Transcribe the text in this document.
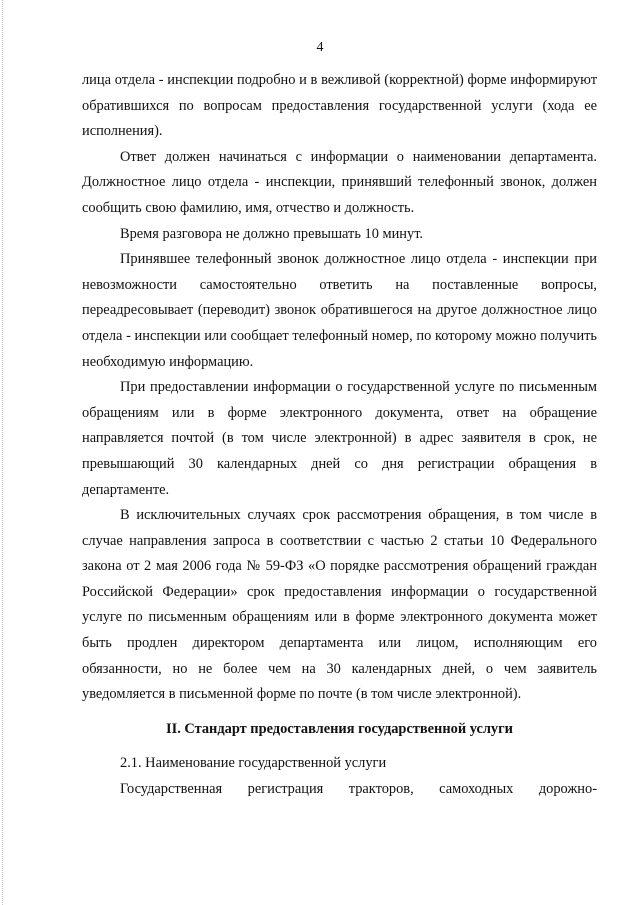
4

лица отдела - инспекции подробно и в вежливой (корректной) форме информируют обратившихся по вопросам предоставления государственной услуги (хода ее исполнения).

Ответ должен начинаться с информации о наименовании департамента. Должностное лицо отдела - инспекции, принявший телефонный звонок, должен сообщить свою фамилию, имя, отчество и должность.

Время разговора не должно превышать 10 минут.

Принявшее телефонный звонок должностное лицо отдела - инспекции при невозможности самостоятельно ответить на поставленные вопросы, переадресовывает (переводит) звонок обратившегося на другое должностное лицо отдела - инспекции или сообщает телефонный номер, по которому можно получить необходимую информацию.

При предоставлении информации о государственной услуге по письменным обращениям или в форме электронного документа, ответ на обращение направляется почтой (в том числе электронной) в адрес заявителя в срок, не превышающий 30 календарных дней со дня регистрации обращения в департаменте.

В исключительных случаях срок рассмотрения обращения, в том числе в случае направления запроса в соответствии с частью 2 статьи 10 Федерального закона от 2 мая 2006 года № 59-ФЗ «О порядке рассмотрения обращений граждан Российской Федерации» срок предоставления информации о государственной услуге по письменным обращениям или в форме электронного документа может быть продлен директором департамента или лицом, исполняющим его обязанности, но не более чем на 30 календарных дней, о чем заявитель уведомляется в письменной форме по почте (в том числе электронной).

II. Стандарт предоставления государственной услуги

2.1. Наименование государственной услуги

Государственная регистрация тракторов, самоходных дорожно-
